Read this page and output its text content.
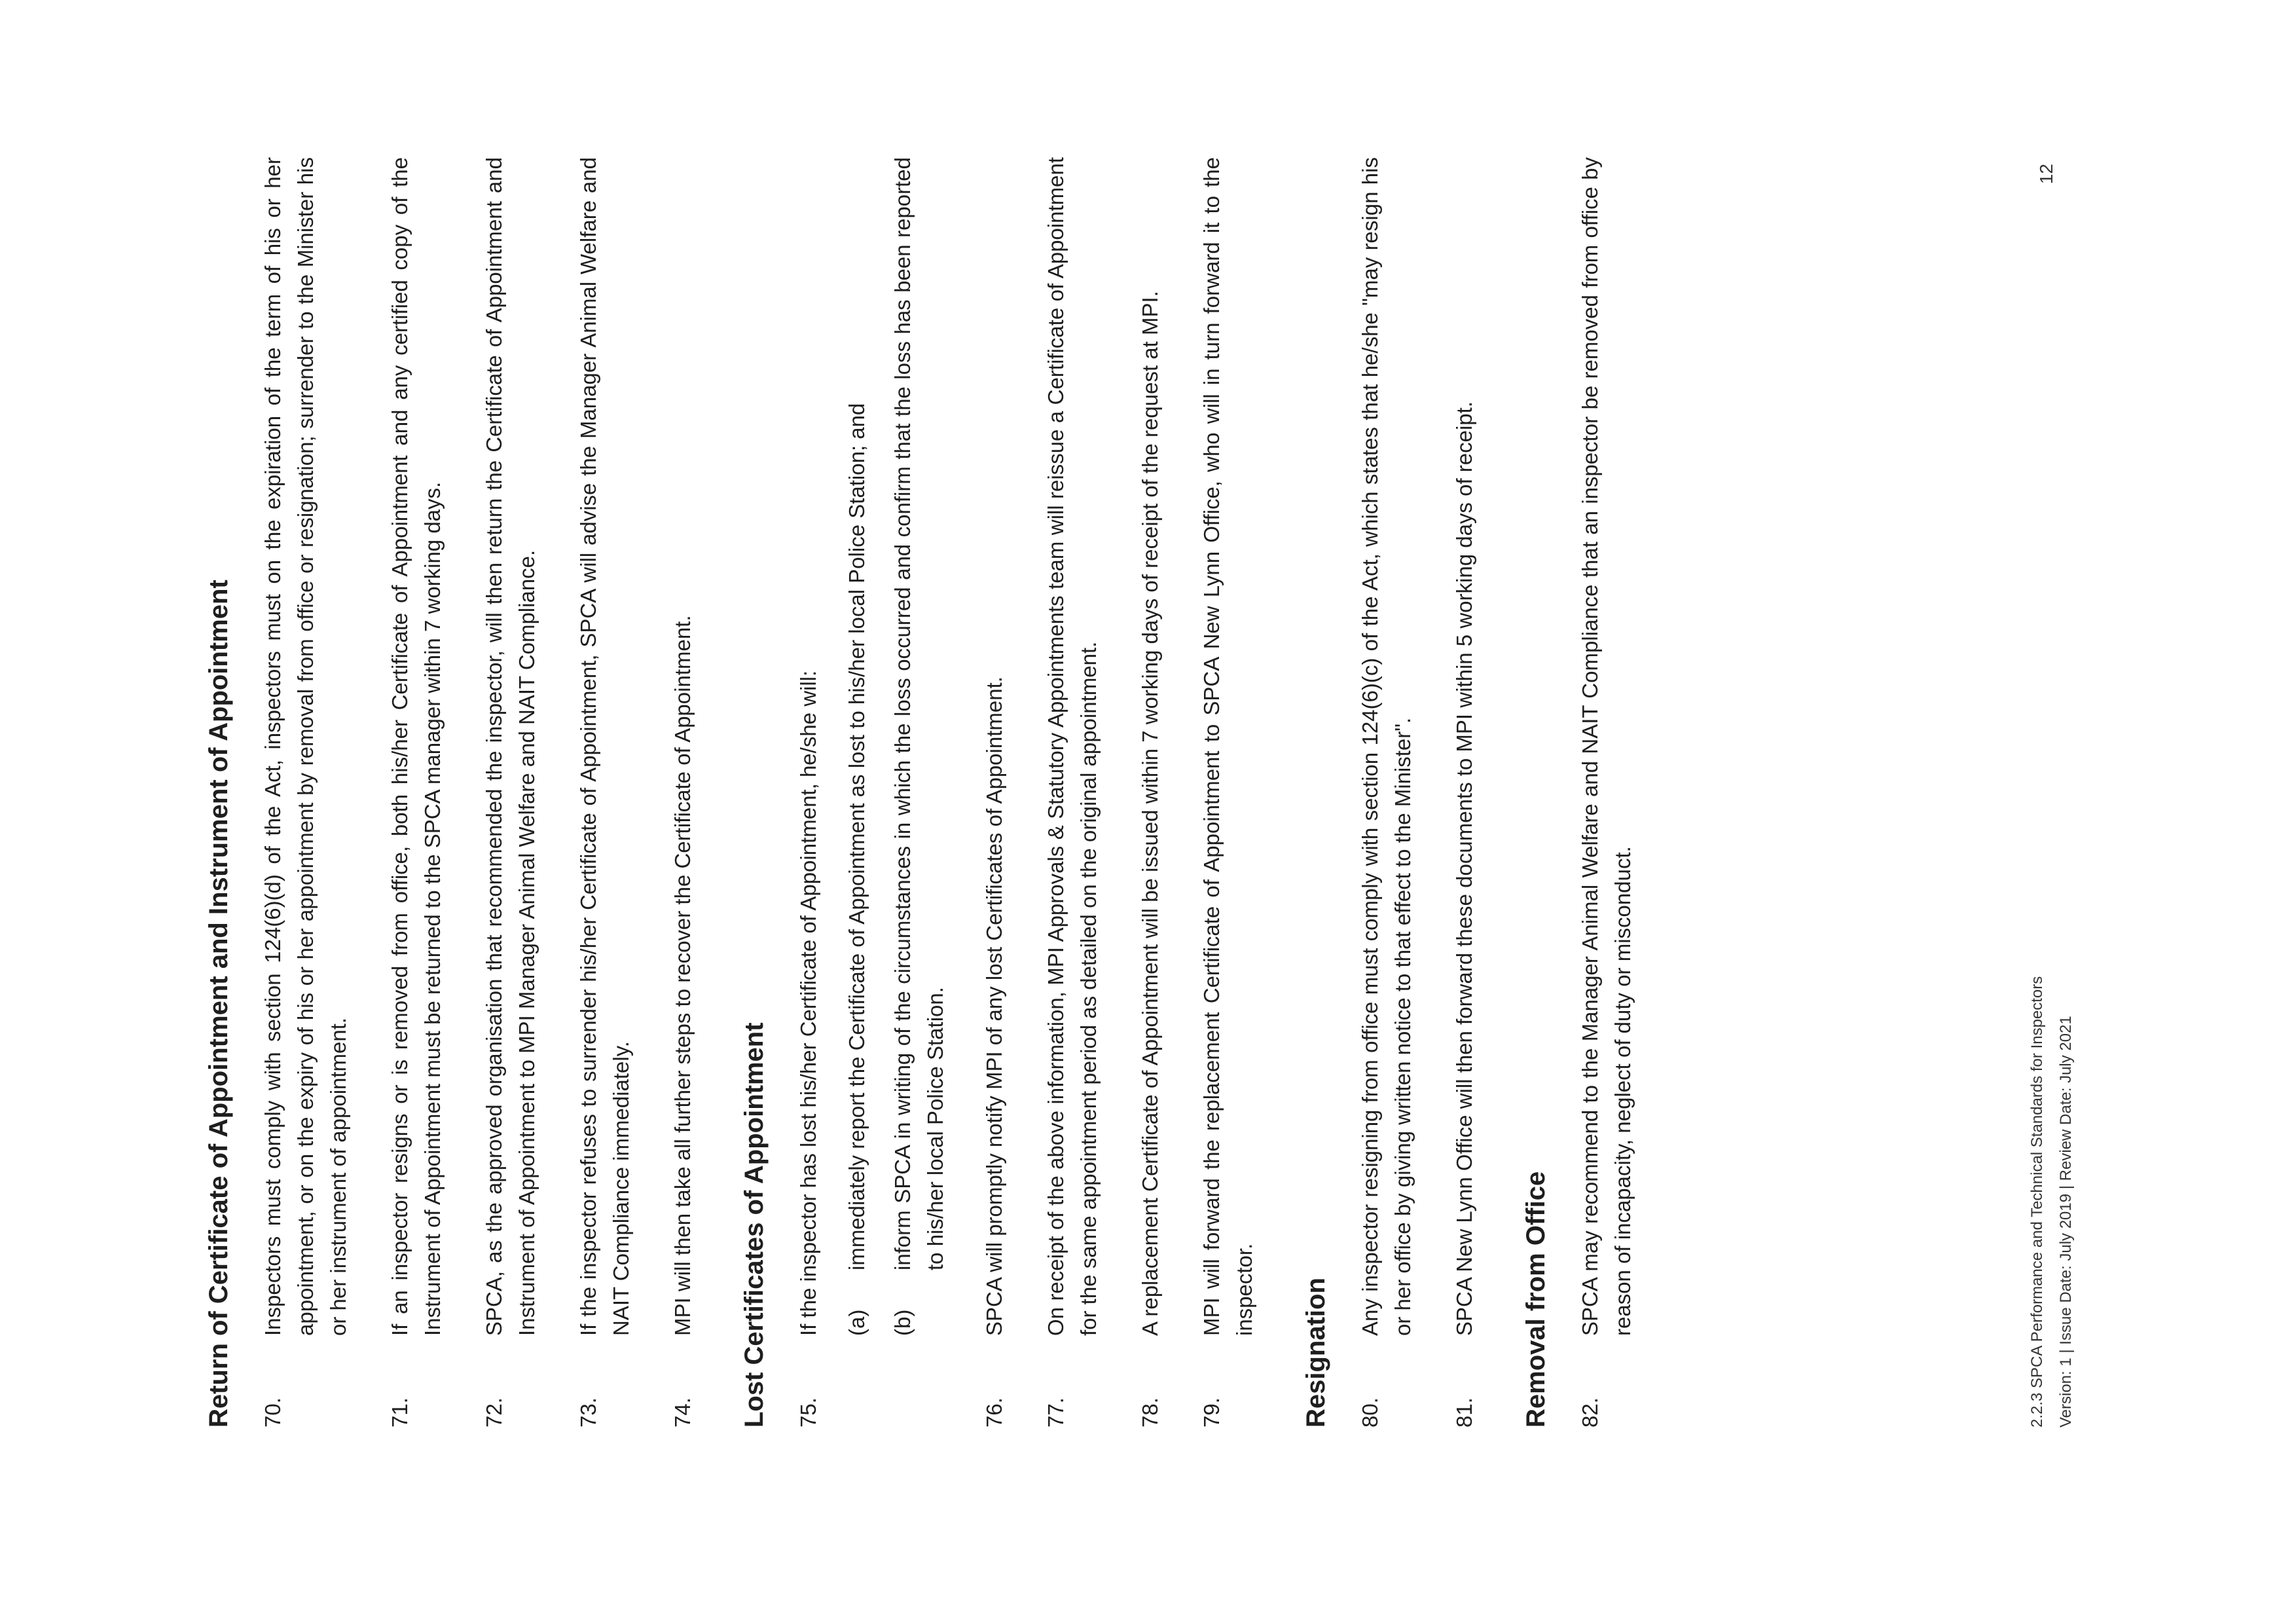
Return of Certificate of Appointment and Instrument of Appointment 70.
Inspectors must comply with section 124(6)(d) of the Act, inspectors must on the expiration of the term of his or her appointment, or on the expiry of his or her appointment by removal from office or resignation; surrender to the Minister his or her instrument of appointment.
71.
If an inspector resigns or is removed from office, both his/her Certificate of Appointment and any certified copy of the Instrument of Appointment must be returned to the SPCA manager within 7 working days.
72.
SPCA, as the approved organisation that recommended the inspector, will then return the Certificate of Appointment and Instrument of Appointment to MPI Manager Animal Welfare and NAIT Compliance.
73.
If the inspector refuses to surrender his/her Certificate of Appointment, SPCA will advise the Manager Animal Welfare and NAIT Compliance immediately.
74.
MPI will then take all further steps to recover the Certificate of Appointment. Lost Certificates of Appointment 75.
If the inspector has lost his/her Certificate of Appointment, he/she will: (a)
immediately report the Certificate of Appointment as lost to his/her local Police Station; and
(b)
inform SPCA in writing of the circumstances in which the loss occurred and confirm that the loss has been reported to his/her local Police Station.
76.
SPCA will promptly notify MPI of any lost Certificates of Appointment.
77.
On receipt of the above information, MPI Approvals & Statutory Appointments team will reissue a Certificate of Appointment for the same appointment period as detailed on the original appointment.
78.
A replacement Certificate of Appointment will be issued within 7 working days of receipt of the request at MPI.
79.
MPI will forward the replacement Certificate of Appointment to SPCA New Lynn Office, who will in turn forward it to the inspector. Resignation 80.
Any inspector resigning from office must comply with section 124(6)(c) of the Act, which states that he/she "may resign his or her office by giving written notice to that effect to the Minister".
81.
SPCA New Lynn Office will then forward these documents to MPI within 5 working days of receipt. Removal from Office 82.
SPCA may recommend to the Manager Animal Welfare and NAIT Compliance that an inspector be removed from office by reason of incapacity, neglect of duty or misconduct.	2.2.3 SPCA Performance and Technical Standards for Inspectors Version: 1 | Issue Date: July 2019 | Review Date: July 2021
12
